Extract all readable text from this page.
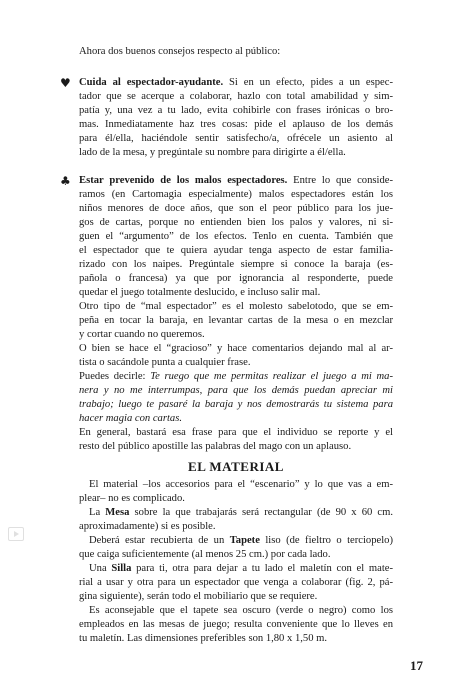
Ahora dos buenos consejos respecto al público:
♥ Cuida al espectador-ayudante. Si en un efecto, pides a un espec-
tador que se acerque a colaborar, hazlo con total amabilidad y sim-
patía y, una vez a tu lado, evita cohibirle con frases irónicas o bro-
mas. Inmediatamente haz tres cosas: pide el aplauso de los demás
para él/ella, haciéndole sentir satisfecho/a, ofrécele un asiento al
lado de la mesa, y pregúntale su nombre para dirigirte a él/ella.
♣ Estar prevenido de los malos espectadores. Entre lo que conside-
ramos (en Cartomagia especialmente) malos espectadores están los
niños menores de doce años, que son el peor público para los jue-
gos de cartas, porque no entienden bien los palos y valores, ni si-
guen el “argumento” de los efectos. Tenlo en cuenta. También que
el espectador que te quiera ayudar tenga aspecto de estar familia-
rizado con los naipes. Pregúntale siempre si conoce la baraja (es-
pañola o francesa) ya que por ignorancia al responderte, puede
quedar el juego totalmente deslucido, e incluso salir mal.
Otro tipo de “mal espectador” es el molesto sabelotodo, que se em-
peña en tocar la baraja, en levantar cartas de la mesa o en mezclar
y cortar cuando no queremos.
O bien se hace el “gracioso” y hace comentarios dejando mal al ar-
tista o sacándole punta a cualquier frase.
Puedes decirle: Te ruego que me permitas realizar el juego a mi ma-
nera y no me interrumpas, para que los demás puedan apreciar mi
trabajo; luego te pasaré la baraja y nos demostrarás tu sistema para
hacer magia con cartas.
En general, bastará esa frase para que el individuo se reporte y el
resto del público apostille las palabras del mago con un aplauso.
EL MATERIAL
El material –los accesorios para el “escenario” y lo que vas a em-
plear– no es complicado.
La Mesa sobre la que trabajarás será rectangular (de 90 x 60 cm.
aproximadamente) si es posible.
Deberá estar recubierta de un Tapete liso (de fieltro o terciopelo)
que caiga suficientemente (al menos 25 cm.) por cada lado.
Una Silla para ti, otra para dejar a tu lado el maletín con el mate-
rial a usar y otra para un espectador que venga a colaborar (fig. 2, pá-
gina siguiente), serán todo el mobiliario que se requiere.
Es aconsejable que el tapete sea oscuro (verde o negro) como los
empleados en las mesas de juego; resulta conveniente que lo lleves en
tu maletín. Las dimensiones preferibles son 1,80 x 1,50 m.
17
